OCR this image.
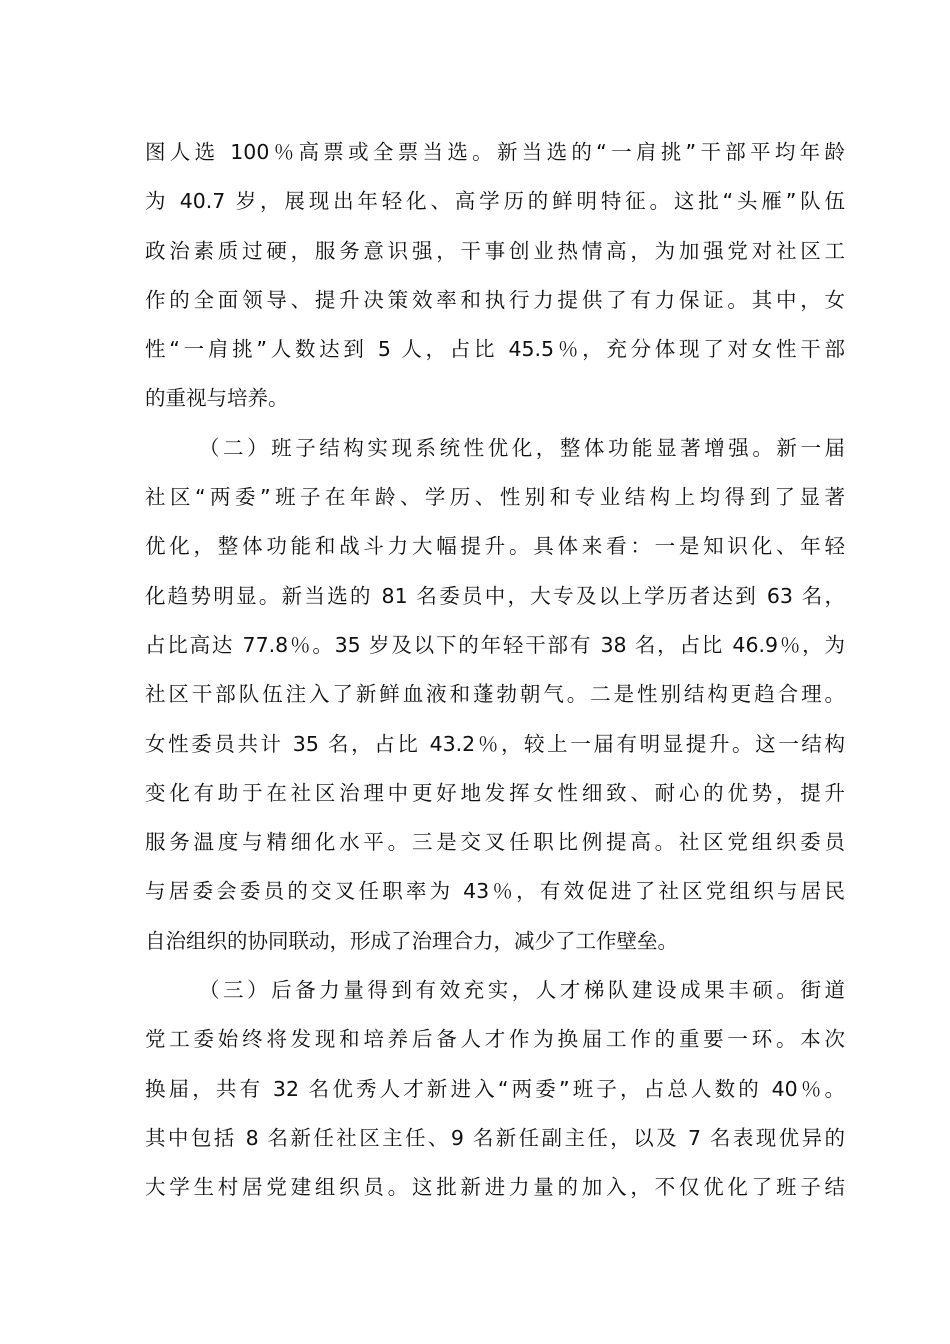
图人选 100％高票或全票当选。新当选的“一肩挑”干部平均年龄
为 40.7 岁，展现出年轻化、高学历的鲜明特征。这批“头雁”队伍
政治素质过硬，服务意识强，干事创业热情高，为加强党对社区工
作的全面领导、提升决策效率和执行力提供了有力保证。其中，女
性“一肩挑”人数达到 5 人，占比 45.5％，充分体现了对女性干部
的重视与培养。
（二）班子结构实现系统性优化，整体功能显著增强。新一届
社区“两委”班子在年龄、学历、性别和专业结构上均得到了显著
优化，整体功能和战斗力大幅提升。具体来看：一是知识化、年轻
化趋势明显。新当选的 81 名委员中，大专及以上学历者达到 63 名，
占比高达 77.8％。35 岁及以下的年轻干部有 38 名，占比 46.9％，为
社区干部队伍注入了新鲜血液和蓬勃朝气。二是性别结构更趋合理。
女性委员共计 35 名，占比 43.2％，较上一届有明显提升。这一结构
变化有助于在社区治理中更好地发挥女性细致、耐心的优势，提升
服务温度与精细化水平。三是交叉任职比例提高。社区党组织委员
与居委会委员的交叉任职率为 43％，有效促进了社区党组织与居民
自治组织的协同联动，形成了治理合力，减少了工作壁垒。
（三）后备力量得到有效充实，人才梯队建设成果丰硕。街道
党工委始终将发现和培养后备人才作为换届工作的重要一环。本次
换届，共有 32 名优秀人才新进入“两委”班子，占总人数的 40％。
其中包括 8 名新任社区主任、9 名新任副主任，以及 7 名表现优异的
大学生村居党建组织员。这批新进力量的加入，不仅优化了班子结
